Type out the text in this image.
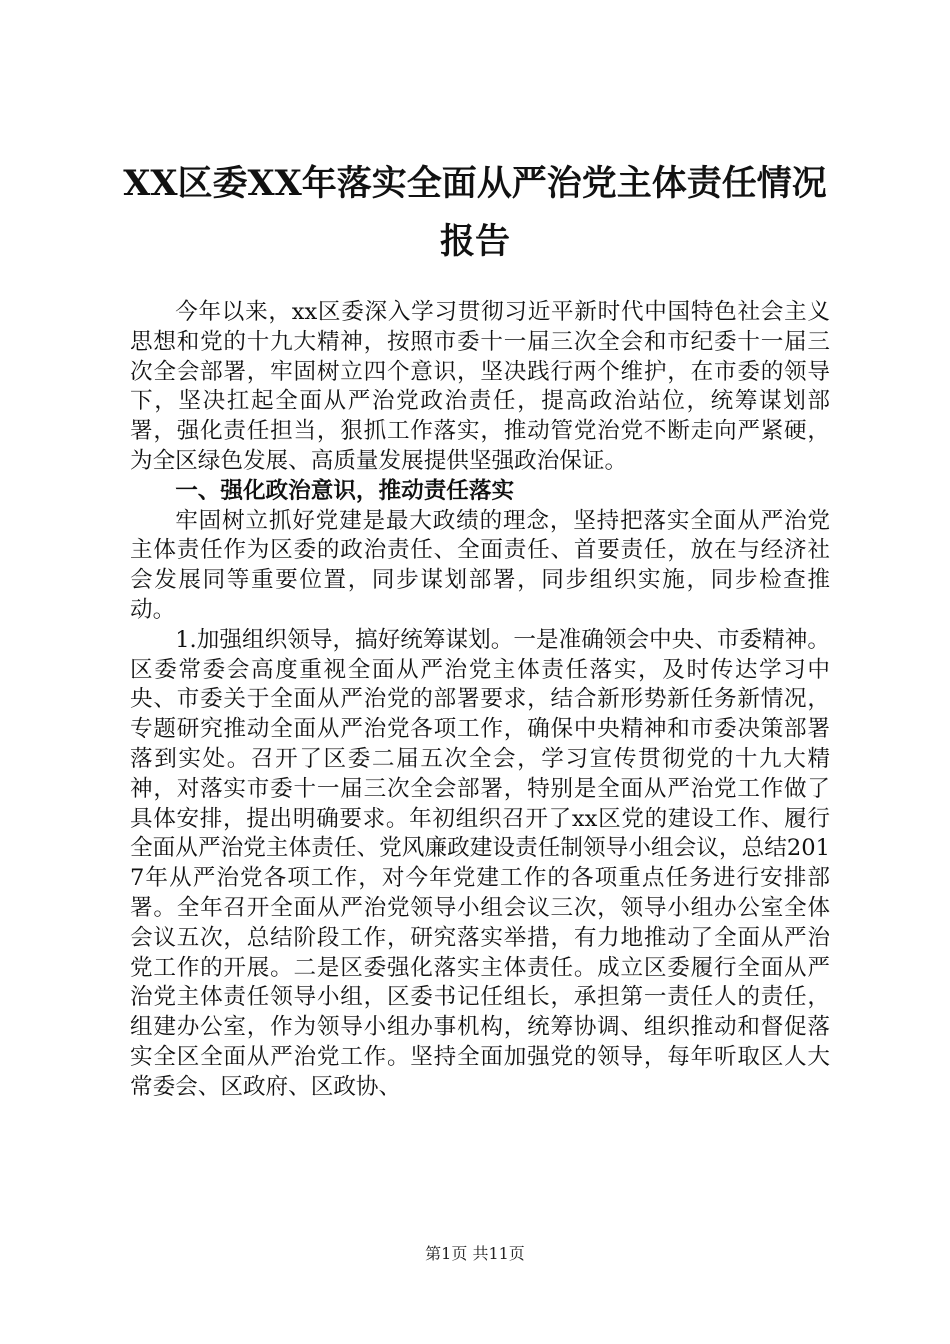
XX区委XX年落实全面从严治党主体责任情况
报告

今年以来，xx区委深入学习贯彻习近平新时代中国特色社会主义思想和党的十九大精神，按照市委十一届三次全会和市纪委十一届三次全会部署，牢固树立四个意识，坚决践行两个维护，在市委的领导下，坚决扛起全面从严治党政治责任，提高政治站位，统筹谋划部署，强化责任担当，狠抓工作落实，推动管党治党不断走向严紧硬，为全区绿色发展、高质量发展提供坚强政治保证。

一、强化政治意识，推动责任落实

牢固树立抓好党建是最大政绩的理念，坚持把落实全面从严治党主体责任作为区委的政治责任、全面责任、首要责任，放在与经济社会发展同等重要位置，同步谋划部署，同步组织实施，同步检查推动。

1.加强组织领导，搞好统筹谋划。一是准确领会中央、市委精神。区委常委会高度重视全面从严治党主体责任落实，及时传达学习中央、市委关于全面从严治党的部署要求，结合新形势新任务新情况，专题研究推动全面从严治党各项工作，确保中央精神和市委决策部署落到实处。召开了区委二届五次全会，学习宣传贯彻党的十九大精神，对落实市委十一届三次全会部署，特别是全面从严治党工作做了具体安排，提出明确要求。年初组织召开了xx区党的建设工作、履行全面从严治党主体责任、党风廉政建设责任制领导小组会议，总结2017年从严治党各项工作，对今年党建工作的各项重点任务进行安排部署。全年召开全面从严治党领导小组会议三次，领导小组办公室全体会议五次，总结阶段工作，研究落实举措，有力地推动了全面从严治党工作的开展。二是区委强化落实主体责任。成立区委履行全面从严治党主体责任领导小组，区委书记任组长，承担第一责任人的责任，组建办公室，作为领导小组办事机构，统筹协调、组织推动和督促落实全区全面从严治党工作。坚持全面加强党的领导，每年听取区人大常委会、区政府、区政协、

第1页 共11页
